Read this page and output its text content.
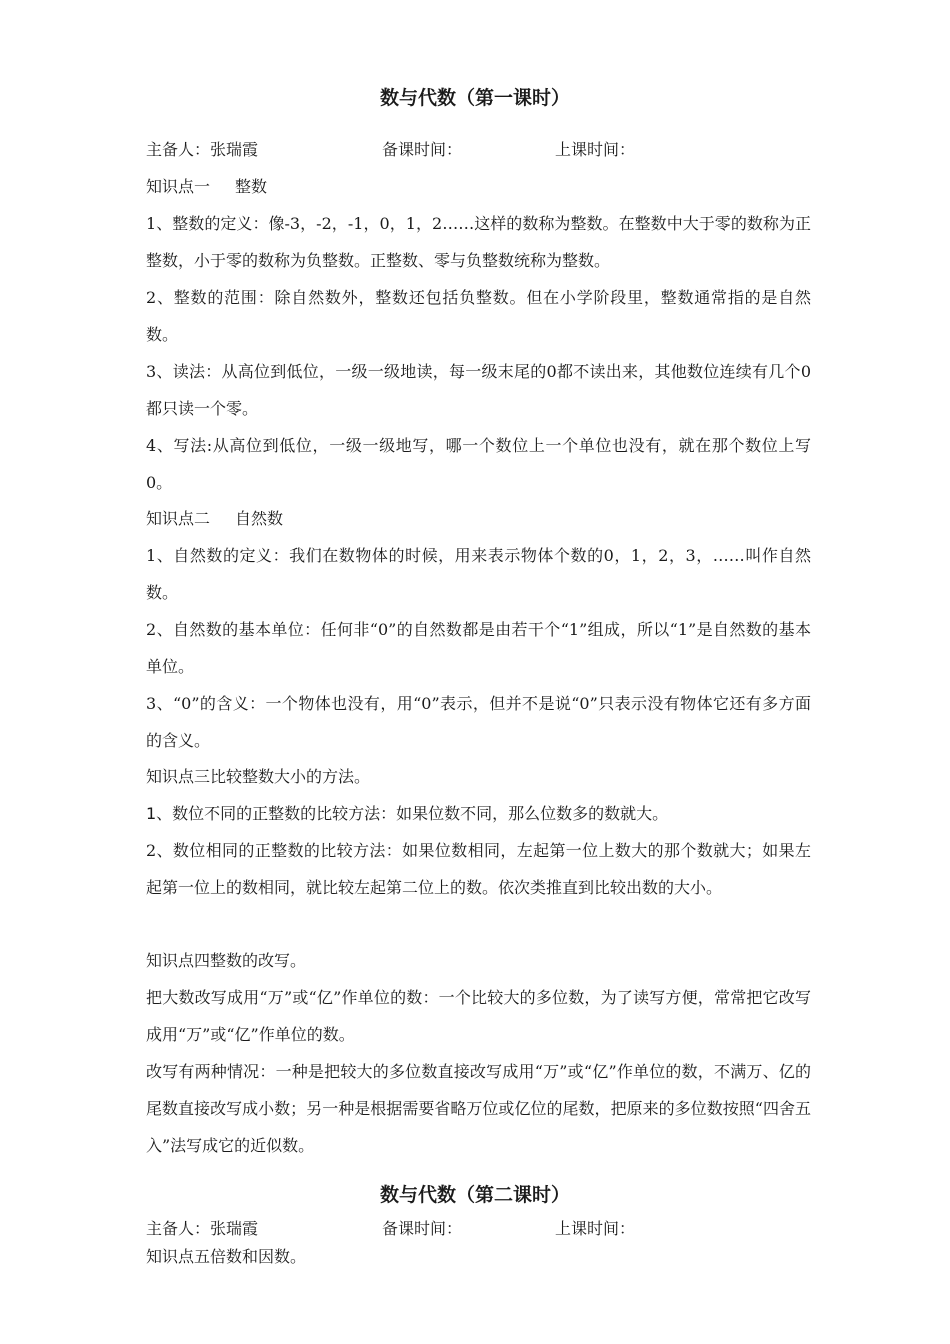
数与代数（第一课时）
主备人：张瑞霞	备课时间：	上课时间：
知识点一 整数
1、整数的定义：像-3，-2，-1，0，1，2……这样的数称为整数。在整数中大于零的数称为正整数，小于零的数称为负整数。正整数、零与负整数统称为整数。
2、整数的范围：除自然数外，整数还包括负整数。但在小学阶段里，整数通常指的是自然数。
3、读法：从高位到低位，一级一级地读，每一级末尾的0都不读出来，其他数位连续有几个0都只读一个零。
4、写法:从高位到低位，一级一级地写，哪一个数位上一个单位也没有，就在那个数位上写0。
知识点二 自然数
1、自然数的定义：我们在数物体的时候，用来表示物体个数的0，1，2，3，……叫作自然数。
2、自然数的基本单位：任何非“0”的自然数都是由若干个“1”组成，所以“1”是自然数的基本单位。
3、“0”的含义：一个物体也没有，用“0”表示，但并不是说“0”只表示没有物体它还有多方面的含义。
知识点三比较整数大小的方法。
1、数位不同的正整数的比较方法：如果位数不同，那么位数多的数就大。
2、数位相同的正整数的比较方法：如果位数相同，左起第一位上数大的那个数就大；如果左起第一位上的数相同，就比较左起第二位上的数。依次类推直到比较出数的大小。
知识点四整数的改写。
把大数改写成用“万”或“亿”作单位的数：一个比较大的多位数，为了读写方便，常常把它改写成用“万”或“亿”作单位的数。
改写有两种情况：一种是把较大的多位数直接改写成用“万”或“亿”作单位的数，不满万、亿的尾数直接改写成小数；另一种是根据需要省略万位或亿位的尾数，把原来的多位数按照“四舍五入”法写成它的近似数。
数与代数（第二课时）
主备人：张瑞霞	备课时间：	上课时间：
知识点五倍数和因数。
